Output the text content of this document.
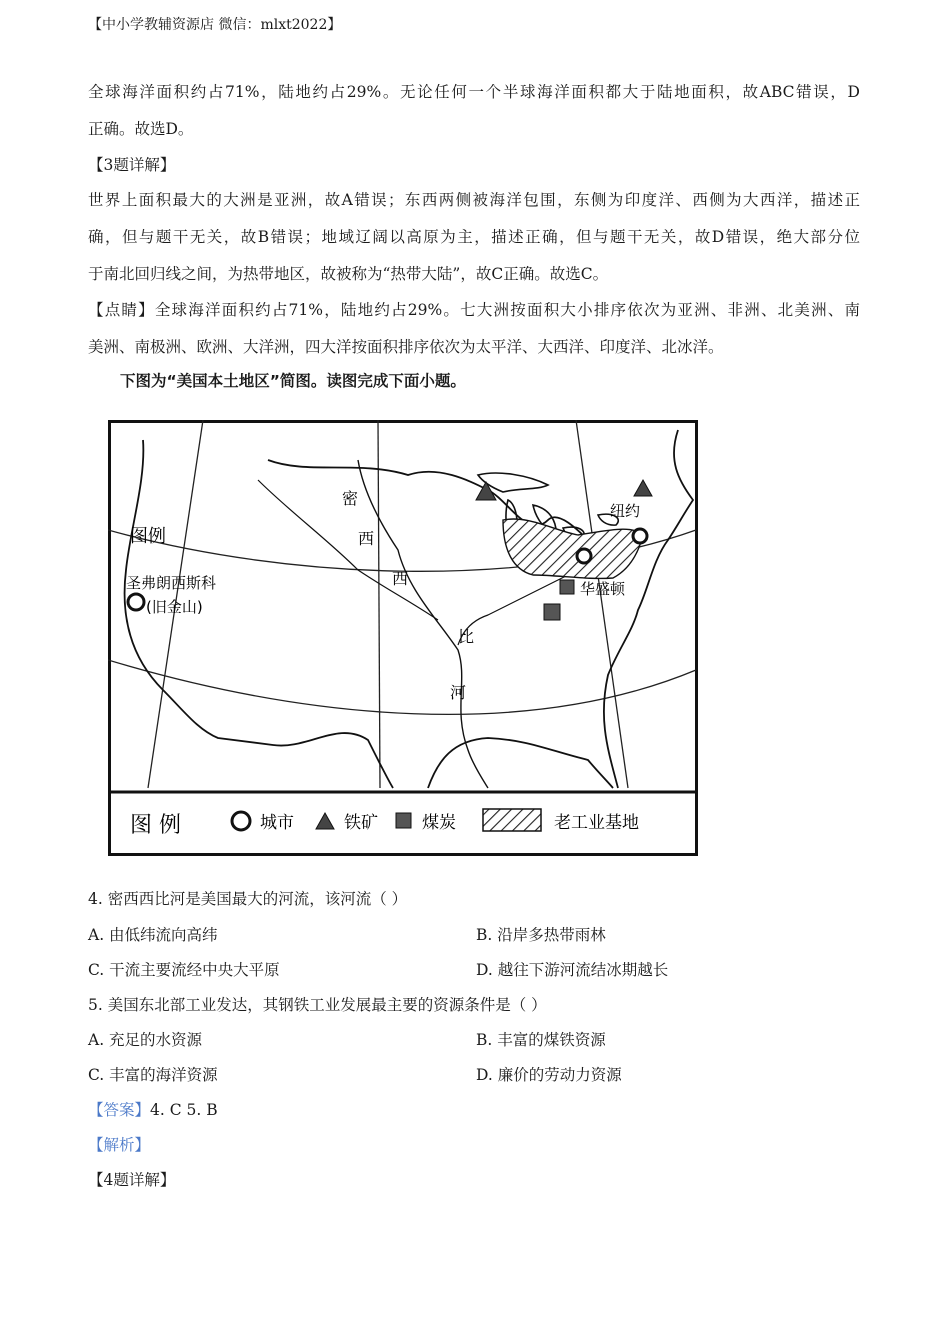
【中小学教辅资源店 微信：mlxt2022】
全球海洋面积约占71%，陆地约占29%。无论任何一个半球海洋面积都大于陆地面积，故ABC错误，D
正确。故选D。
【3题详解】
世界上面积最大的大洲是亚洲，故A错误；东西两侧被海洋包围，东侧为印度洋、西侧为大西洋，描述正
确，但与题干无关，故B错误；地域辽阔以高原为主，描述正确，但与题干无关，故D错误，绝大部分位
于南北回归线之间，为热带地区，故被称为“热带大陆”，故C正确。故选C。
【点睛】全球海洋面积约占71%，陆地约占29%。七大洲按面积大小排序依次为亚洲、非洲、北美洲、南
美洲、南极洲、欧洲、大洋洲，四大洋按面积排序依次为太平洋、大西洋、印度洋、北冰洋。
下图为“美国本土地区”简图。读图完成下面小题。
图例
密
西
西
比
河
圣弗朗西斯科
(旧金山)
纽约
华盛顿
图 例	城市	铁矿	煤炭	老工业基地
4. 密西西比河是美国最大的河流，该河流（ ）
A. 由低纬流向高纬	B. 沿岸多热带雨林
C. 干流主要流经中央大平原	D. 越往下游河流结冰期越长
5. 美国东北部工业发达，其钢铁工业发展最主要的资源条件是（ ）
A. 充足的水资源	B. 丰富的煤铁资源
C. 丰富的海洋资源	D. 廉价的劳动力资源
【答案】4. C 5. B
【解析】
【4题详解】
